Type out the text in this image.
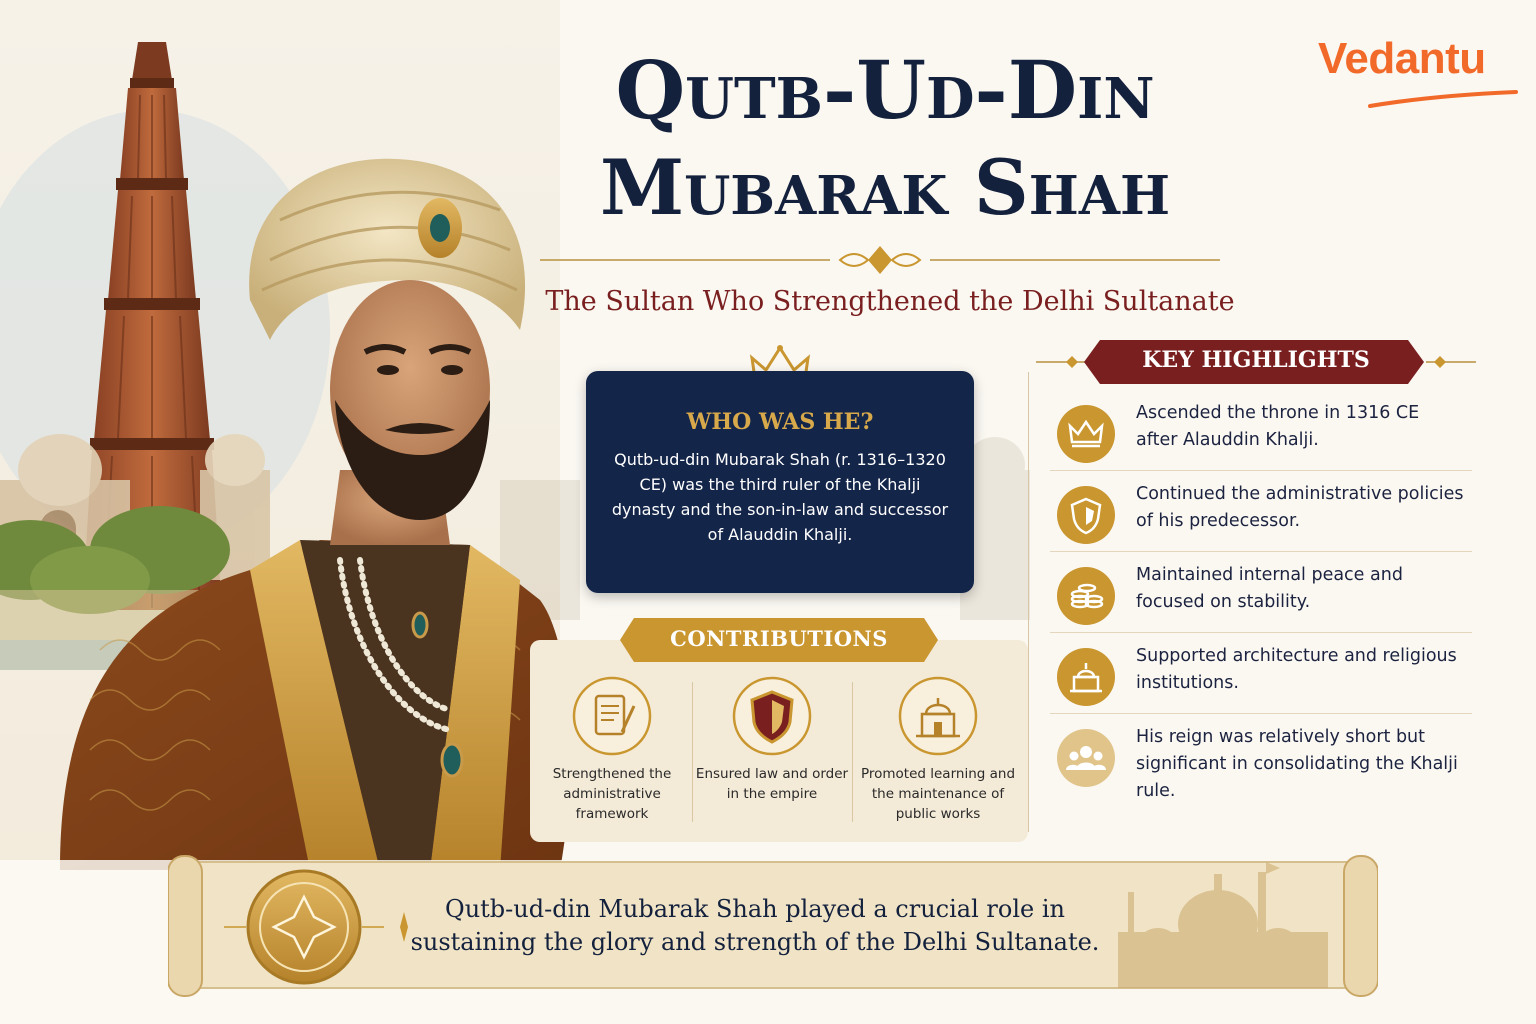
Vedantu
Qutb-Ud-Din
Mubarak Shah
The Sultan Who Strengthened the Delhi Sultanate
WHO WAS HE?
Qutb-ud-din Mubarak Shah (r. 1316–1320 CE) was the third ruler of the Khalji dynasty and the son-in-law and successor of Alauddin Khalji.
CONTRIBUTIONS
Strengthened the administrative framework
Ensured law and order in the empire
Promoted learning and the maintenance of public works
KEY HIGHLIGHTS
Ascended the throne in 1316 CE after Alauddin Khalji.
Continued the administrative policies of his predecessor.
Maintained internal peace and focused on stability.
Supported architecture and religious institutions.
His reign was relatively short but significant in consolidating the Khalji rule.
Qutb-ud-din Mubarak Shah played a crucial role in sustaining the glory and strength of the Delhi Sultanate.
